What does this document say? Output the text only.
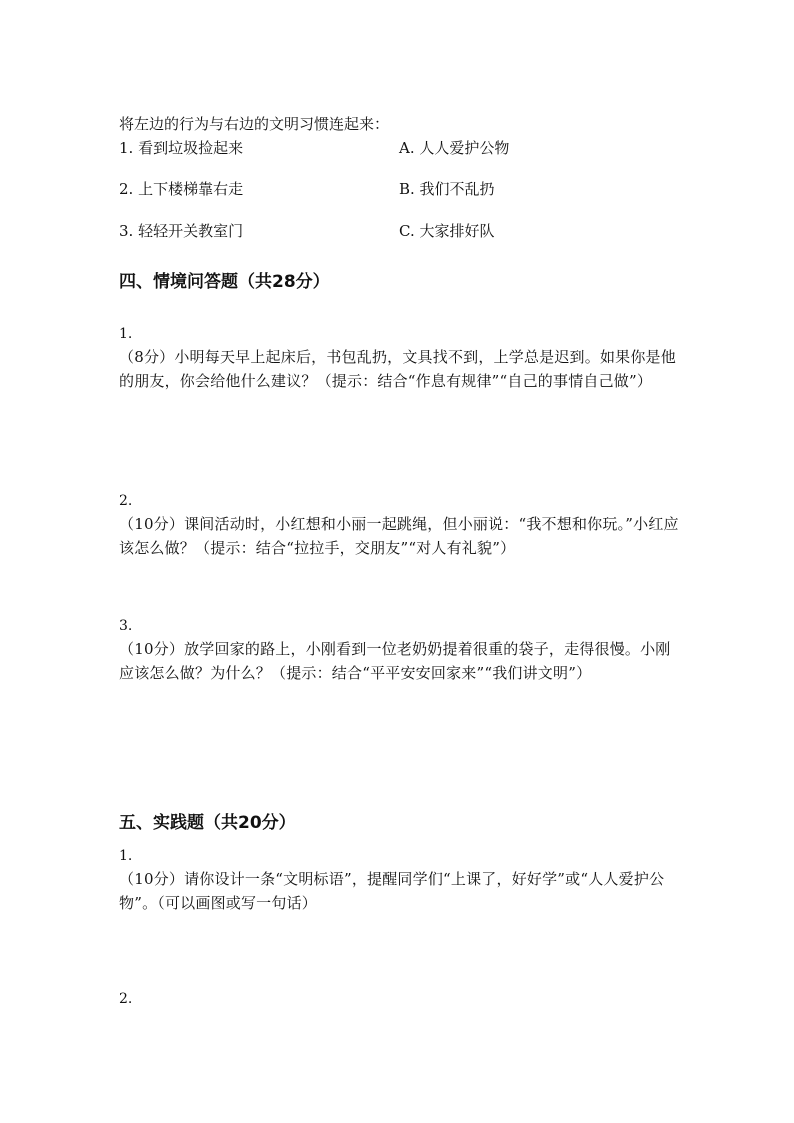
将左边的行为与右边的文明习惯连起来：
1. 看到垃圾捡起来	A. 人人爱护公物
2. 上下楼梯靠右走	B. 我们不乱扔
3. 轻轻开关教室门	C. 大家排好队
四、情境问答题（共28分）
1.
（8分）小明每天早上起床后，书包乱扔，文具找不到，上学总是迟到。如果你是他的朋友，你会给他什么建议？（提示：结合“作息有规律”“自己的事情自己做”）
2.
（10分）课间活动时，小红想和小丽一起跳绳，但小丽说：“我不想和你玩。”小红应该怎么做？（提示：结合“拉拉手，交朋友”“对人有礼貌”）
3.
（10分）放学回家的路上，小刚看到一位老奶奶提着很重的袋子，走得很慢。小刚应该怎么做？为什么？（提示：结合“平平安安回家来”“我们讲文明”）
五、实践题（共20分）
1.
（10分）请你设计一条“文明标语”，提醒同学们“上课了，好好学”或“人人爱护公物”。（可以画图或写一句话）
2.
